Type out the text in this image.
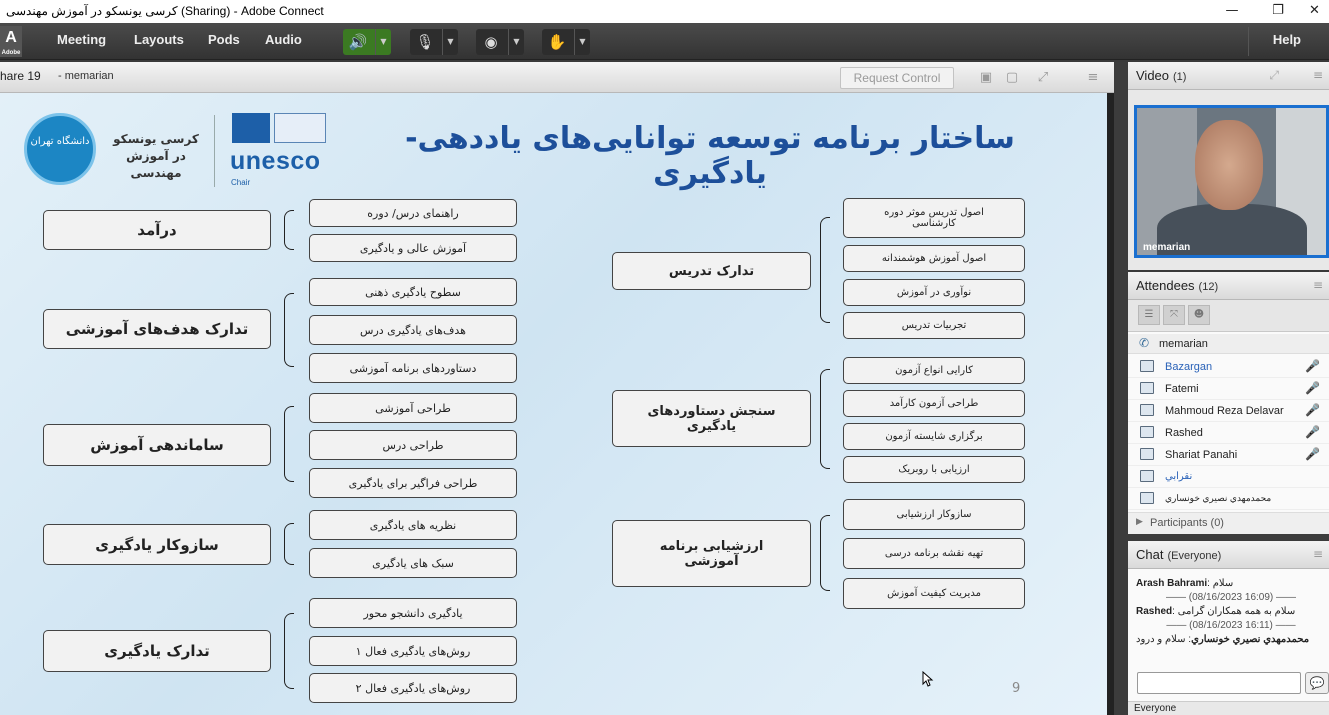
کرسی یونسکو در آموزش مهندسی (Sharing) - Adobe Connect	—	❐	✕
A
Adobe
Meeting Layouts Pods Audio	🔊	▼	🎙	▼	◉	▼	✋	▼	Help
hare 19 - memarian	Request Control	▣	▢	⤢	≡
دانشگاه تهران	کرسی یونسکو در آموزش مهندسی	unesco
Chair
ساختار برنامه توسعه توانایی‌های یاددهی-یادگیری
درآمد
راهنمای درس/ دوره
آموزش عالی و یادگیری
تدارک هدف‌های آموزشی
سطوح یادگیری ذهنی
هدف‌های یادگیری درس
دستاوردهای برنامه آموزشی
ساماندهی آموزش
طراحی آموزشی
طراحی درس
طراحی فراگیر برای یادگیری
سازوکار یادگیری
نظریه های یادگیری
سبک های یادگیری
تدارک یادگیری
یادگیری دانشجو محور
روش‌های یادگیری فعال ۱
روش‌های یادگیری فعال ۲
تدارک تدریس
اصول تدریس موثر دوره کارشناسی
اصول آموزش هوشمندانه
نوآوری در آموزش
تجربیات تدریس
سنجش دستاوردهای یادگیری
کارایی انواع آزمون
طراحی آزمون کارآمد
برگزاری شایسته آزمون
ارزیابی با روبریک
ارزشیابی برنامه آموزشی
سازوکار ارزشیابی
تهیه نقشه برنامه درسی
مدیریت کیفیت آموزش
9
Video (1)	⤢	≡
memarian
Attendees (12)	≡
☰	⤧	☻
✆ memarian
Bazargan	🎤
Fatemi	🎤
Mahmoud Reza Delavar 🎤
Rashed	🎤
Shariat Panahi	🎤
نقرابي
محمدمهدي نصيري خونساري
▶ Participants (0)
Chat (Everyone)	≡
Arash Bahrami: سلام
—— (08/16/2023 16:09) ——
Rashed: سلام به همه همکاران گرامی
—— (08/16/2023 16:11) ——
محمدمهدي نصيري خونساري: سلام و درود
💬
Everyone
